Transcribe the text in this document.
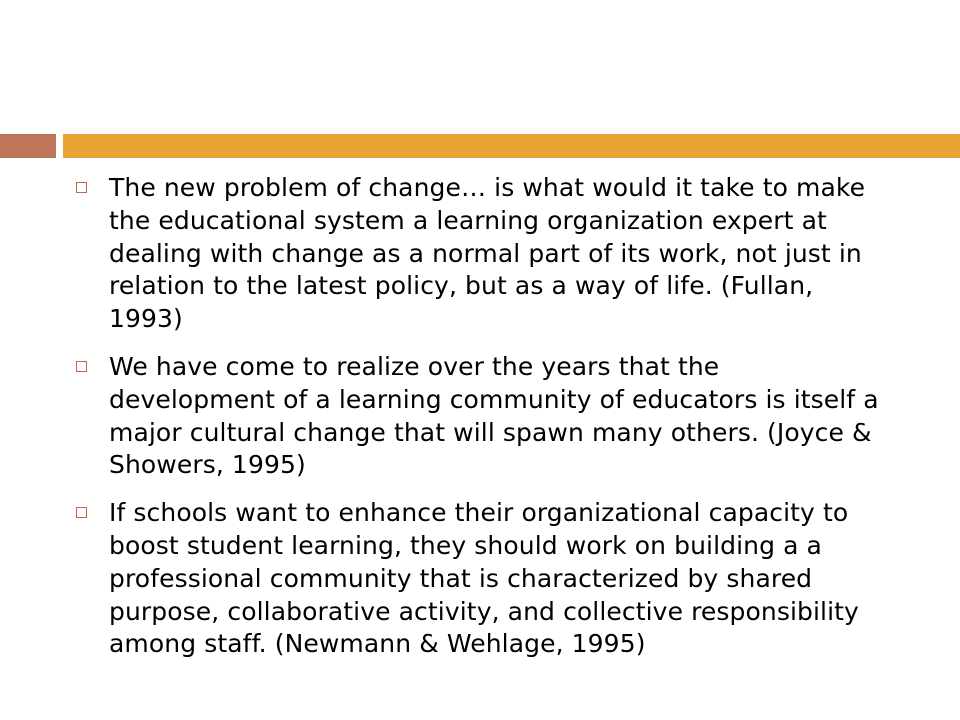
The new problem of change… is what would it take to make the educational system a learning organization expert at dealing with change as a normal part of its work, not just in relation to the latest policy, but as a way of life. (Fullan, 1993)
We have come to realize over the years that the development of a learning community of educators is itself a major cultural change that will spawn many others. (Joyce & Showers, 1995)
If schools want to enhance their organizational capacity to boost student learning, they should work on building a a professional community that is characterized by shared purpose, collaborative activity, and collective responsibility among staff. (Newmann & Wehlage, 1995)
